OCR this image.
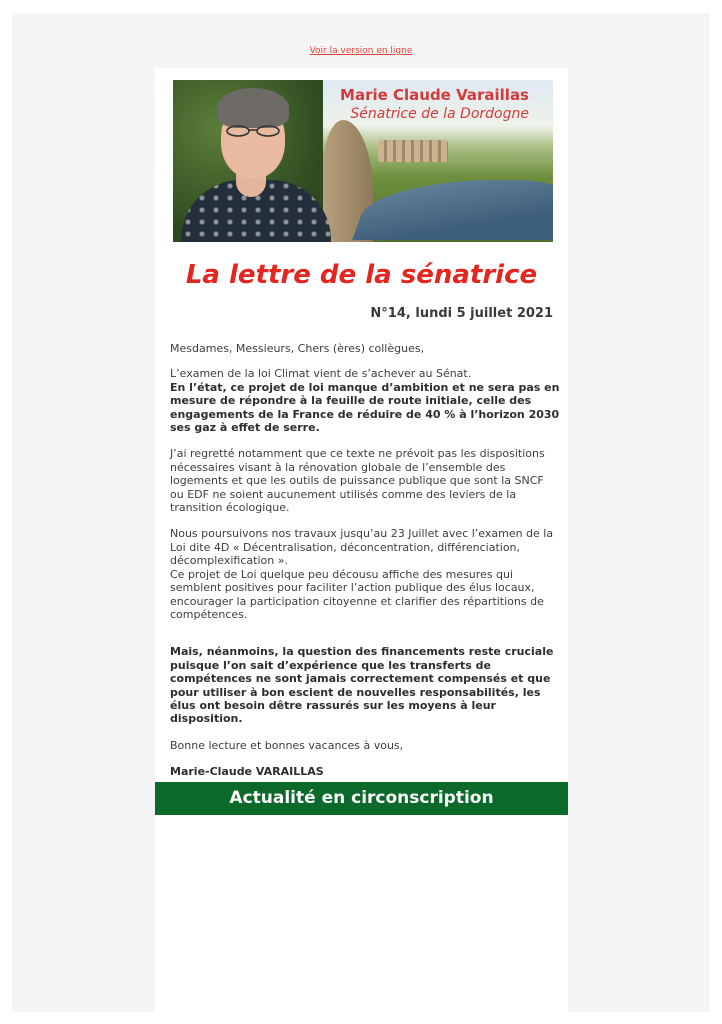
Voir la version en ligne
Marie Claude Varaillas
Sénatrice de la Dordogne
La lettre de la sénatrice
N°14, lundi 5 juillet 2021

Mesdames, Messieurs, Chers (ères) collègues,

L’examen de la loi Climat vient de s’achever au Sénat.

En l’état, ce projet de loi manque d’ambition et ne sera pas en mesure de répondre à la feuille de route initiale, celle des engagements de la France de réduire de 40 % à l’horizon 2030 ses gaz à effet de serre.

J’ai regretté notamment que ce texte ne prévoit pas les dispositions nécessaires visant à la rénovation globale de l’ensemble des logements et que les outils de puissance publique que sont la SNCF ou EDF ne soient aucunement utilisés comme des leviers de la transition écologique.

Nous poursuivons nos travaux jusqu’au 23 Juillet avec l’examen de la Loi dite 4D « Décentralisation, déconcentration, différenciation, décomplexification ».

Ce projet de Loi quelque peu décousu affiche des mesures qui semblent positives pour faciliter l’action publique des élus locaux, encourager la participation citoyenne et clarifier des répartitions de compétences.

Mais, néanmoins, la question des financements reste cruciale puisque l’on sait d’expérience que les transferts de compétences ne sont jamais correctement compensés et que pour utiliser à bon escient de nouvelles responsabilités, les élus ont besoin dêtre rassurés sur les moyens à leur disposition.

Bonne lecture et bonnes vacances à vous,

Marie-Claude VARAILLAS

Actualité en circonscription
